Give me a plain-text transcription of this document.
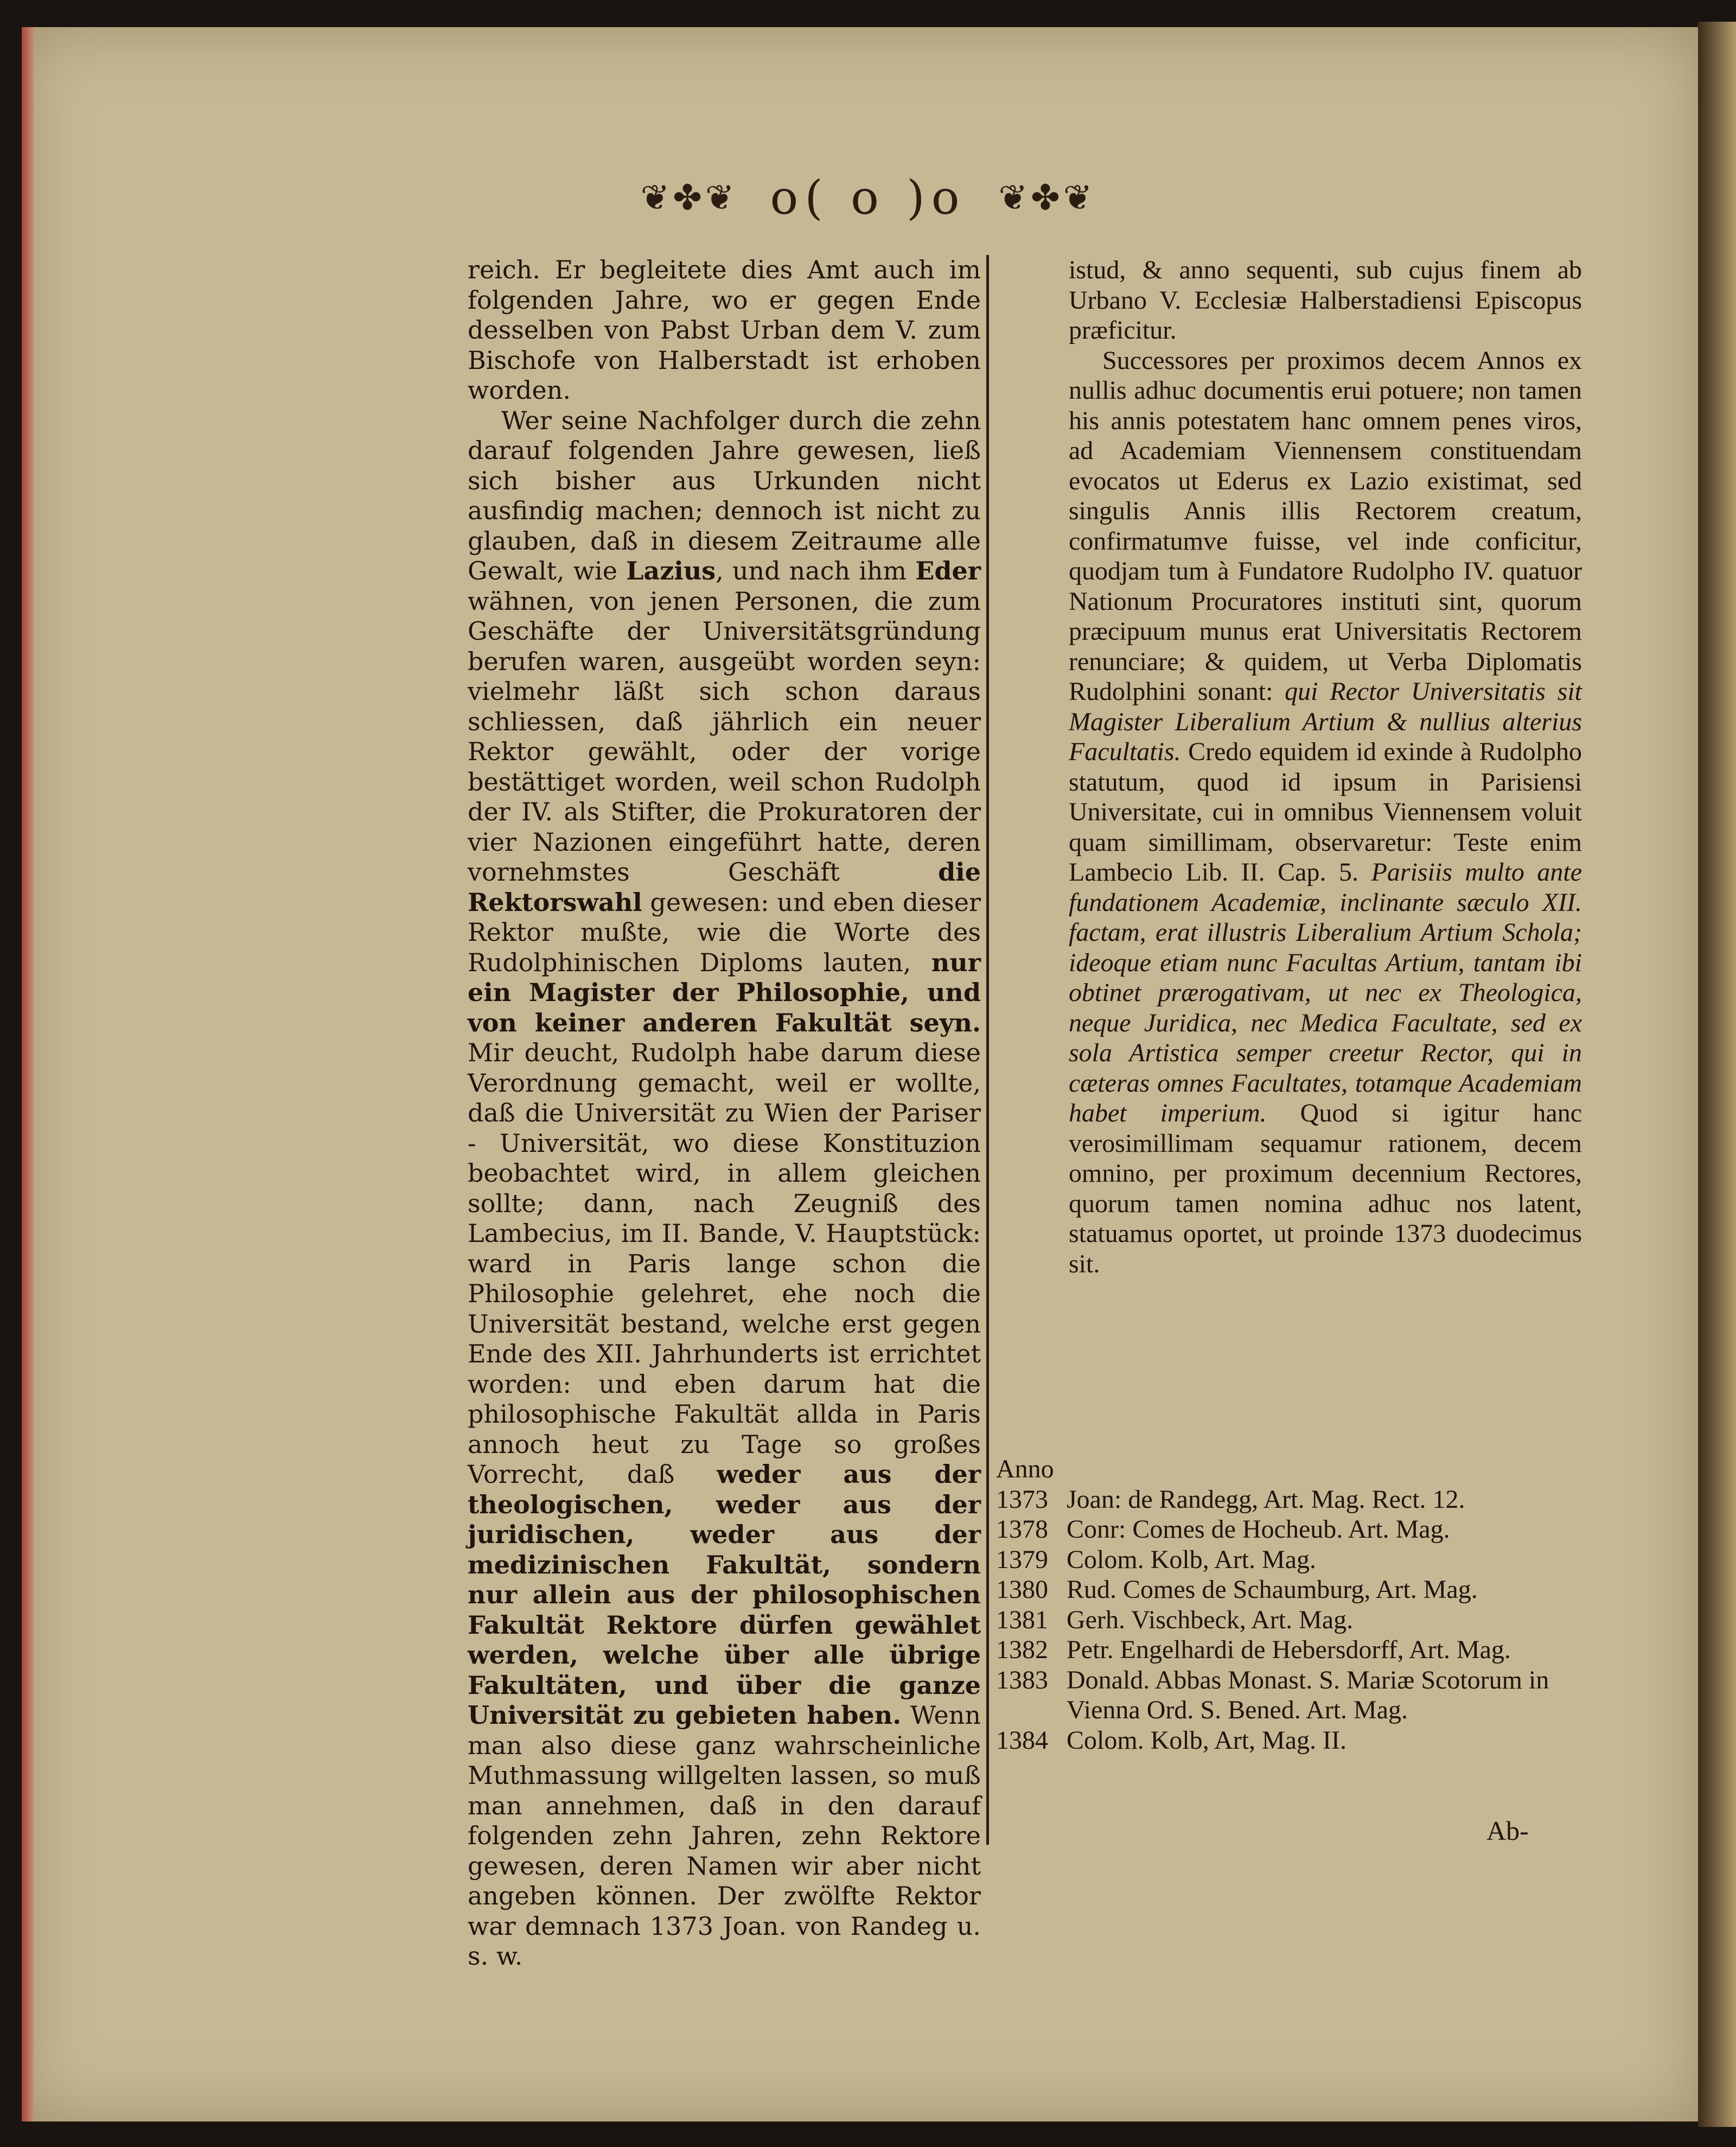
❦✤❦ o( o )o ❦✤❦

reich. Er begleitete dies Amt auch im folgenden Jahre, wo er gegen Ende desselben von Pabst Urban dem V. zum Bischofe von Halberstadt ist erhoben worden.

Wer seine Nachfolger durch die zehn darauf folgenden Jahre gewesen, ließ sich bisher aus Urkunden nicht ausfindig machen; dennoch ist nicht zu glauben, daß in diesem Zeitraume alle Gewalt, wie Lazius, und nach ihm Eder wähnen, von jenen Personen, die zum Geschäfte der Universitätsgründung berufen waren, ausgeübt worden seyn: vielmehr läßt sich schon daraus schliessen, daß jährlich ein neuer Rektor gewählt, oder der vorige bestättiget worden, weil schon Rudolph der IV. als Stifter, die Prokuratoren der vier Nazionen eingeführt hatte, deren vornehmstes Geschäft die Rektorswahl gewesen: und eben dieser Rektor mußte, wie die Worte des Rudolphinischen Diploms lauten, nur ein Magister der Philosophie, und von keiner anderen Fakultät seyn. Mir deucht, Rudolph habe darum diese Verordnung gemacht, weil er wollte, daß die Universität zu Wien der Pariser - Universität, wo diese Konstituzion beobachtet wird, in allem gleichen sollte; dann, nach Zeugniß des Lambecius, im II. Bande, V. Hauptstück: ward in Paris lange schon die Philosophie gelehret, ehe noch die Universität bestand, welche erst gegen Ende des XII. Jahrhunderts ist errichtet worden: und eben darum hat die philosophische Fakultät allda in Paris annoch heut zu Tage so großes Vorrecht, daß weder aus der theologischen, weder aus der juridischen, weder aus der medizinischen Fakultät, sondern nur allein aus der philosophischen Fakultät Rektore dürfen gewählet werden, welche über alle übrige Fakultäten, und über die ganze Universität zu gebieten haben. Wenn man also diese ganz wahrscheinliche Muthmassung willgelten lassen, so muß man annehmen, daß in den darauf folgenden zehn Jahren, zehn Rektore gewesen, deren Namen wir aber nicht angeben können. Der zwölfte Rektor war demnach 1373 Joan. von Randeg u. s. w.

istud, & anno sequenti, sub cujus finem ab Urbano V. Ecclesiæ Halberstadiensi Episcopus præficitur.

Successores per proximos decem Annos ex nullis adhuc documentis erui potuere; non tamen his annis potestatem hanc omnem penes viros, ad Academiam Viennensem constituendam evocatos ut Ederus ex Lazio existimat, sed singulis Annis illis Rectorem creatum, confirmatumve fuisse, vel inde conficitur, quodjam tum à Fundatore Rudolpho IV. quatuor Nationum Procuratores instituti sint, quorum præcipuum munus erat Universitatis Rectorem renunciare; & quidem, ut Verba Diplomatis Rudolphini sonant: qui Rector Universitatis sit Magister Liberalium Artium & nullius alterius Facultatis. Credo equidem id exinde à Rudolpho statutum, quod id ipsum in Parisiensi Universitate, cui in omnibus Viennensem voluit quam simillimam, observaretur: Teste enim Lambecio Lib. II. Cap. 5. Parisiis multo ante fundationem Academiæ, inclinante sæculo XII. factam, erat illustris Liberalium Artium Schola; ideoque etiam nunc Facultas Artium, tantam ibi obtinet prærogativam, ut nec ex Theologica, neque Juridica, nec Medica Facultate, sed ex sola Artistica semper creetur Rector, qui in cæteras omnes Facultates, totamque Academiam habet imperium. Quod si igitur hanc verosimillimam sequamur rationem, decem omnino, per proximum decennium Rectores, quorum tamen nomina adhuc nos latent, statuamus oportet, ut proinde 1373 duodecimus sit.

Anno

1373 Joan: de Randegg, Art. Mag. Rect. 12.
1378 Conr: Comes de Hocheub. Art. Mag.
1379 Colom. Kolb, Art. Mag.
1380 Rud. Comes de Schaumburg, Art. Mag.
1381 Gerh. Vischbeck, Art. Mag.
1382 Petr. Engelhardi de Hebersdorff, Art. Mag.
1383 Donald. Abbas Monast. S. Mariæ Scotorum in Vienna Ord. S. Bened. Art. Mag.
1384 Colom. Kolb, Art, Mag. II.
Ab-
